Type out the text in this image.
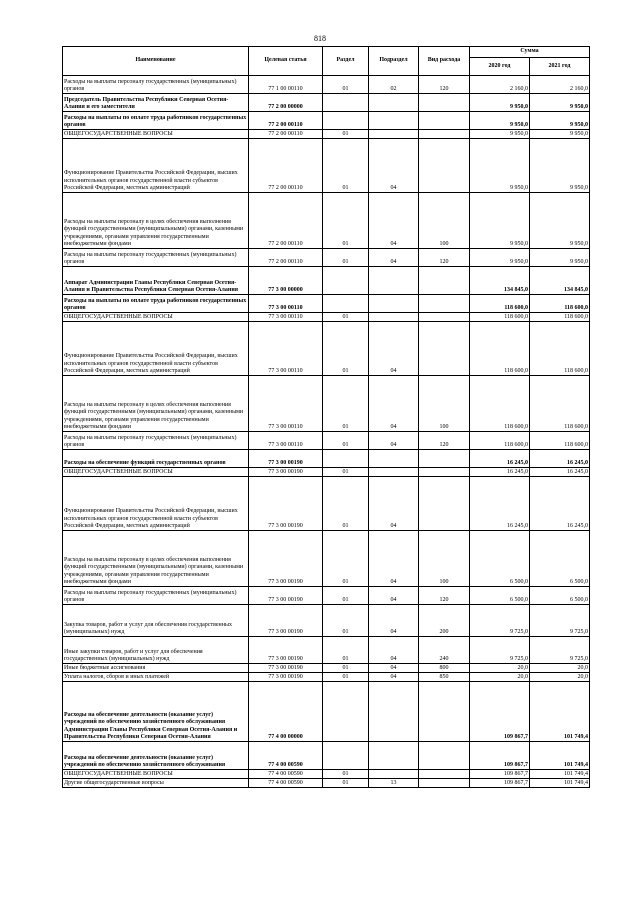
818
Наименование	Целевая статья	Раздел	Подраздел	Вид расхода	Сумма	
					2020 год	2021 год
Расходы на выплаты персоналу государственных (муниципальных) органов	77 1 00 00110	01	02	120	2 160,0	2 160,0
Председатель Правительства Республики Северная Осетия-Алания и его заместители	77 2 00 00000				9 950,0	9 950,0
Расходы на выплаты по оплате труда работников государственных органов	77 2 00 00110				9 950,0	9 950,0
ОБЩЕГОСУДАРСТВЕННЫЕ ВОПРОСЫ	77 2 00 00110	01			9 950,0	9 950,0
Функционирование Правительства Российской Федерации, высших исполнительных органов государственной власти субъектов Российской Федерации, местных администраций	77 2 00 00110	01	04		9 950,0	9 950,0
Расходы на выплаты персоналу в целях обеспечения выполнения функций государственными (муниципальными) органами, казенными учреждениями, органами управления государственными внебюджетными фондами	77 2 00 00110	01	04	100	9 950,0	9 950,0
Расходы на выплаты персоналу государственных (муниципальных) органов	77 2 00 00110	01	04	120	9 950,0	9 950,0
Аппарат Администрации Главы Республики Северная Осетия-Алания и Правительства Республики Северная Осетия-Алания	77 3 00 00000				134 845,0	134 845,0
Расходы на выплаты по оплате труда работников государственных органов	77 3 00 00110				118 600,0	118 600,0
ОБЩЕГОСУДАРСТВЕННЫЕ ВОПРОСЫ	77 3 00 00110	01			118 600,0	118 600,0
Функционирование Правительства Российской Федерации, высших исполнительных органов государственной власти субъектов Российской Федерации, местных администраций	77 3 00 00110	01	04		118 600,0	118 600,0
Расходы на выплаты персоналу в целях обеспечения выполнения функций государственными (муниципальными) органами, казенными учреждениями, органами управления государственными внебюджетными фондами	77 3 00 00110	01	04	100	118 600,0	118 600,0
Расходы на выплаты персоналу государственных (муниципальных) органов	77 3 00 00110	01	04	120	118 600,0	118 600,0
Расходы на обеспечение функций государственных органов	77 3 00 00190				16 245,0	16 245,0
ОБЩЕГОСУДАРСТВЕННЫЕ ВОПРОСЫ	77 3 00 00190	01			16 245,0	16 245,0
Функционирование Правительства Российской Федерации, высших исполнительных органов государственной власти субъектов Российской Федерации, местных администраций	77 3 00 00190	01	04		16 245,0	16 245,0
Расходы на выплаты персоналу в целях обеспечения выполнения функций государственными (муниципальными) органами, казенными учреждениями, органами управления государственными внебюджетными фондами	77 3 00 00190	01	04	100	6 500,0	6 500,0
Расходы на выплаты персоналу государственных (муниципальных) органов	77 3 00 00190	01	04	120	6 500,0	6 500,0
Закупка товаров, работ и услуг для обеспечения государственных (муниципальных) нужд	77 3 00 00190	01	04	200	9 725,0	9 725,0
Иные закупки товаров, работ и услуг для обеспечения государственных (муниципальных) нужд	77 3 00 00190	01	04	240	9 725,0	9 725,0
Иные бюджетные ассигнования	77 3 00 00190	01	04	800	20,0	20,0
Уплата налогов, сборов и иных платежей	77 3 00 00190	01	04	850	20,0	20,0
Расходы на обеспечение деятельности (оказание услуг) учреждений по обеспечению хозяйственного обслуживания Администрации Главы Республики Северная Осетия-Алания и Правительства Республики Северная Осетия-Алания	77 4 00 00000				109 867,7	101 749,4
Расходы на обеспечение деятельности (оказание услуг) учреждений по обеспечению хозяйственного обслуживания	77 4 00 00590				109 867,7	101 749,4
ОБЩЕГОСУДАРСТВЕННЫЕ ВОПРОСЫ	77 4 00 00590	01			109 867,7	101 749,4
Другие общегосударственные вопросы	77 4 00 00590	01	13		109 867,7	101 749,4
